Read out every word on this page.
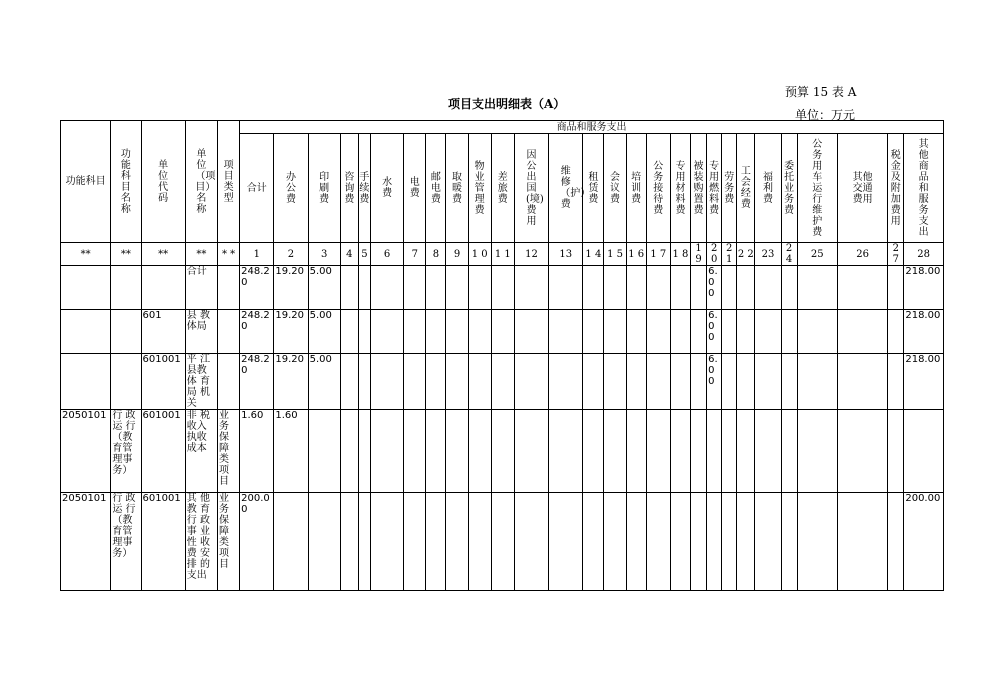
预算 15 表 A
项目支出明细表（A）
单位：万元
功能科目	功能科目名称	单位代码	单位（项目）名称	项目类型	商品和服务支出																											
					合计	办公费	印刷费	咨询费	手续费	水费	电费	邮电费	取暖费	物业管理费	差旅费	因公出国(境)费用	维修（护）费	租赁费	会议费	培训费	公务接待费	专用材料费	被装购置费	专用燃料费	劳务费	工会经费	福利费	委托业务费	公务用车运行维护费	其他交通费用	税金及附加费用	其他商品和服务支出
**	**	**	**	* *	1	2	3	4	5	6	7	8	9	1 0	1 1	12	13	1 4	1 5	1 6	1 7	1 8	1 9	2 0	2 1	2 2	23	2 4	25	26	2 7	28
			合计		248.20	19.20	5.00																	6. 00								218.00
		601	县 教 体局		248.20	19.20	5.00																	6. 00								218.00
		601001	平 江 县教体 育局 机关		248.20	19.20	5.00																	6. 00								218.00
2050101	行 政 运 行（教 育管 理事 务）	601001	非 税 收入 执收 成本	业务保障类项目	1.60	1.60																										
2050101	行 政 运 行（教 育管 理事 务）	601001	其 他教 育行 政事 业性 收费 安排 的支出	业务保障类项目	200.00																											200.00
